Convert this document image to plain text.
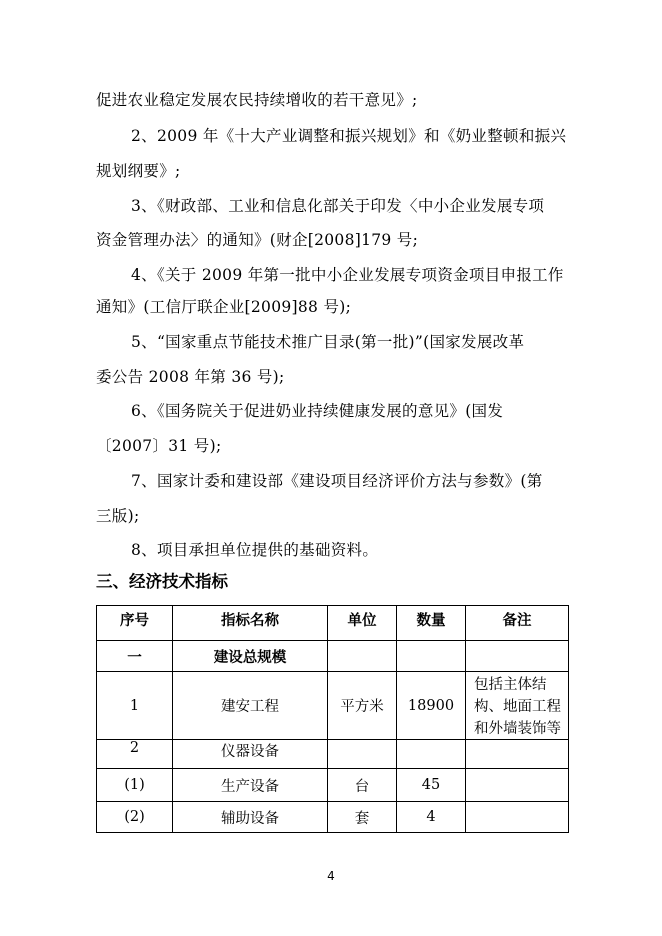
促进农业稳定发展农民持续增收的若干意见》;
2、2009 年《十大产业调整和振兴规划》和《奶业整顿和振兴
规划纲要》;
3、《财政部、工业和信息化部关于印发〈中小企业发展专项
资金管理办法〉的通知》(财企[2008]179 号;
4、《关于 2009 年第一批中小企业发展专项资金项目申报工作
通知》(工信厅联企业[2009]88 号);
5、“国家重点节能技术推广目录(第一批)”(国家发展改革
委公告 2008 年第 36 号);
6、《国务院关于促进奶业持续健康发展的意见》(国发
〔2007〕31 号);
7、国家计委和建设部《建设项目经济评价方法与参数》(第
三版);
8、项目承担单位提供的基础资料。
三、经济技术指标
序号	指标名称	单位	数量	备注
一	建设总规模			
1	建安工程	平方米	18900	包括主体结构、地面工程和外墙装饰等

2	仪器设备			
(1)	生产设备	台	45	
(2)	辅助设备	套	4	
4
